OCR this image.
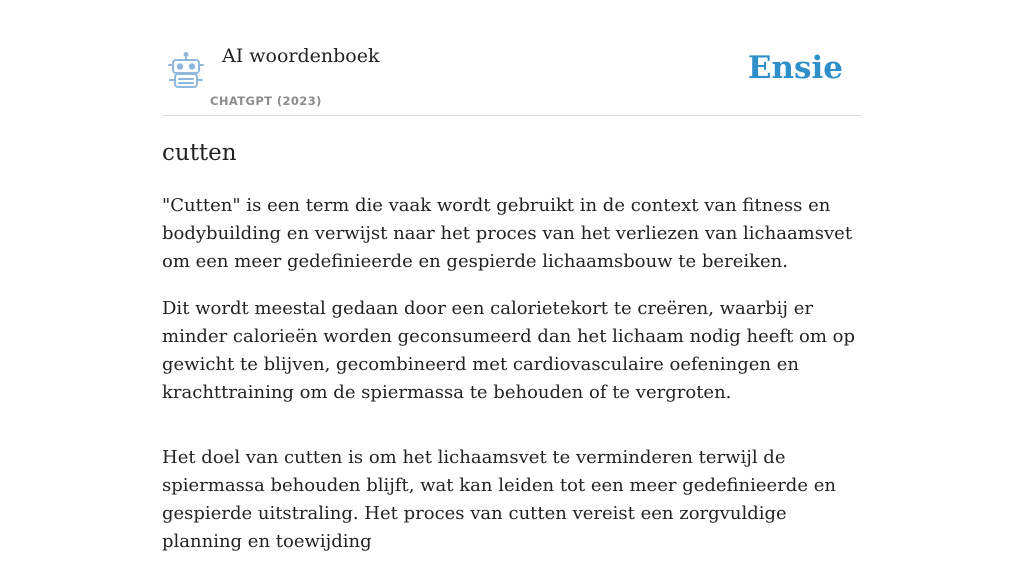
AI woordenboek
CHATGPT (2023)
Ensie
cutten

"Cutten" is een term die vaak wordt gebruikt in de context van fitness en bodybuilding en verwijst naar het proces van het verliezen van lichaamsvet om een meer gedefinieerde en gespierde lichaamsbouw te bereiken.

Dit wordt meestal gedaan door een calorietekort te creëren, waarbij er minder calorieën worden geconsumeerd dan het lichaam nodig heeft om op gewicht te blijven, gecombineerd met cardiovasculaire oefeningen en krachttraining om de spiermassa te behouden of te vergroten.

Het doel van cutten is om het lichaamsvet te verminderen terwijl de spiermassa behouden blijft, wat kan leiden tot een meer gedefinieerde en gespierde uitstraling. Het proces van cutten vereist een zorgvuldige planning en toewijding
